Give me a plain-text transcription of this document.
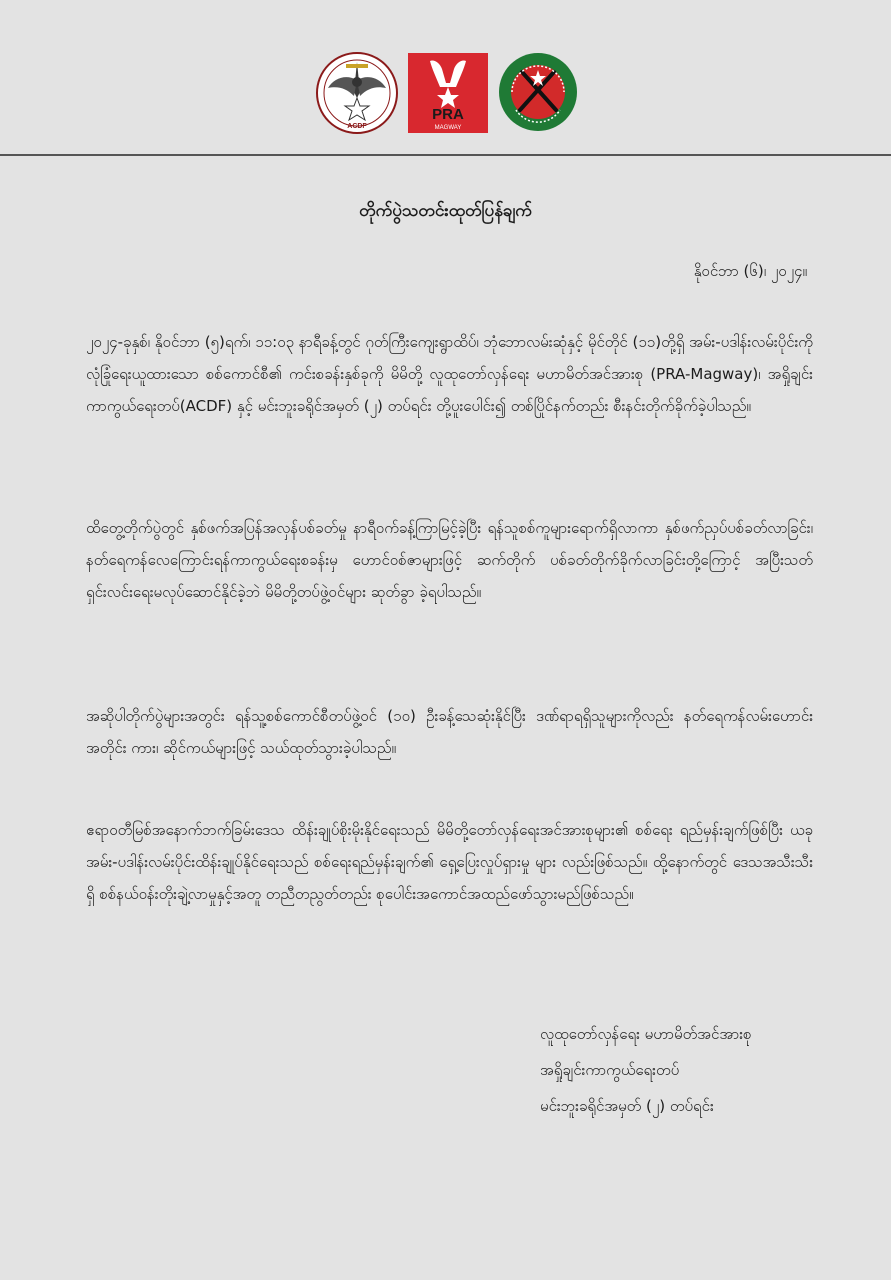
ACDF
PRA
MAGWAY
တိုက်ပွဲသတင်းထုတ်ပြန်ချက်
နိုဝင်ဘာ (၆)၊ ၂၀၂၄။

၂၀၂၄-ခုနှစ်၊ နိုဝင်ဘာ (၅)ရက်၊ ၁၁:၀၃ နာရီခန့်တွင် ဂုတ်ကြီးကျေးရွာထိပ်၊ ဘုံဘောလမ်းဆုံနှင့် မိုင်တိုင် (၁၁)တို့ရှိ အမ်း-ပဒါန်းလမ်းပိုင်းကို လုံခြုံရေးယူထားသော စစ်ကောင်စီ၏ ကင်းစခန်းနှစ်ခုကို မိမိတို့ လူထုတော်လှန်ရေး မဟာမိတ်အင်အားစု (PRA-Magway)၊ အရှိုချင်းကာကွယ်ရေးတပ်(ACDF) နှင့် မင်းဘူးခရိုင်အမှတ် (၂) တပ်ရင်း တို့ပူးပေါင်း၍ တစ်ပြိုင်နက်တည်း စီးနင်းတိုက်ခိုက်ခဲ့ပါသည်။

ထိတွေ့တိုက်ပွဲတွင် နှစ်ဖက်အပြန်အလှန်ပစ်ခတ်မှု နာရီဝက်ခန့်ကြာမြင့်ခဲ့ပြီး ရန်သူစစ်ကူများရောက်ရှိလာကာ နှစ်ဖက်ညှပ်ပစ်ခတ်လာခြင်း၊ နတ်ရေကန်လေကြောင်းရန်ကာကွယ်ရေးစခန်းမှ ဟောင်ဝစ်ဇာများဖြင့် ဆက်တိုက် ပစ်ခတ်တိုက်ခိုက်လာခြင်းတို့ကြောင့် အပြီးသတ်ရှင်းလင်းရေးမလုပ်ဆောင်နိုင်ခဲ့ဘဲ မိမိတို့တပ်ဖွဲ့ဝင်များ ဆုတ်ခွာ ခဲ့ရပါသည်။

အဆိုပါတိုက်ပွဲများအတွင်း ရန်သူ့စစ်ကောင်စီတပ်ဖွဲ့ဝင် (၁၀) ဦးခန့်သေဆုံးနိုင်ပြီး ဒဏ်ရာရရှိသူများကိုလည်း နတ်ရေကန်လမ်းဟောင်းအတိုင်း ကား၊ ဆိုင်ကယ်များဖြင့် သယ်ထုတ်သွားခဲ့ပါသည်။

ဧရာဝတီမြစ်အနောက်ဘက်ခြမ်းဒေသ ထိန်းချုပ်စိုးမိုးနိုင်ရေးသည် မိမိတို့တော်လှန်ရေးအင်အားစုများ၏ စစ်ရေး ရည်မှန်းချက်ဖြစ်ပြီး ယခု အမ်း-ပဒါန်းလမ်းပိုင်းထိန်းချုပ်နိုင်ရေးသည် စစ်ရေးရည်မှန်းချက်၏ ရှေ့ပြေးလှုပ်ရှားမှု များ လည်းဖြစ်သည်။ ထို့နောက်တွင် ဒေသအသီးသီးရှိ စစ်နယ်ဝန်းတိုးချဲ့လာမှုနှင့်အတူ တညီတညွတ်တည်း စုပေါင်းအကောင်အထည်ဖော်သွားမည်ဖြစ်သည်။

လူထုတော်လှန်ရေး မဟာမိတ်အင်အားစု
အရှိုချင်းကာကွယ်ရေးတပ်
မင်းဘူးခရိုင်အမှတ် (၂) တပ်ရင်း
